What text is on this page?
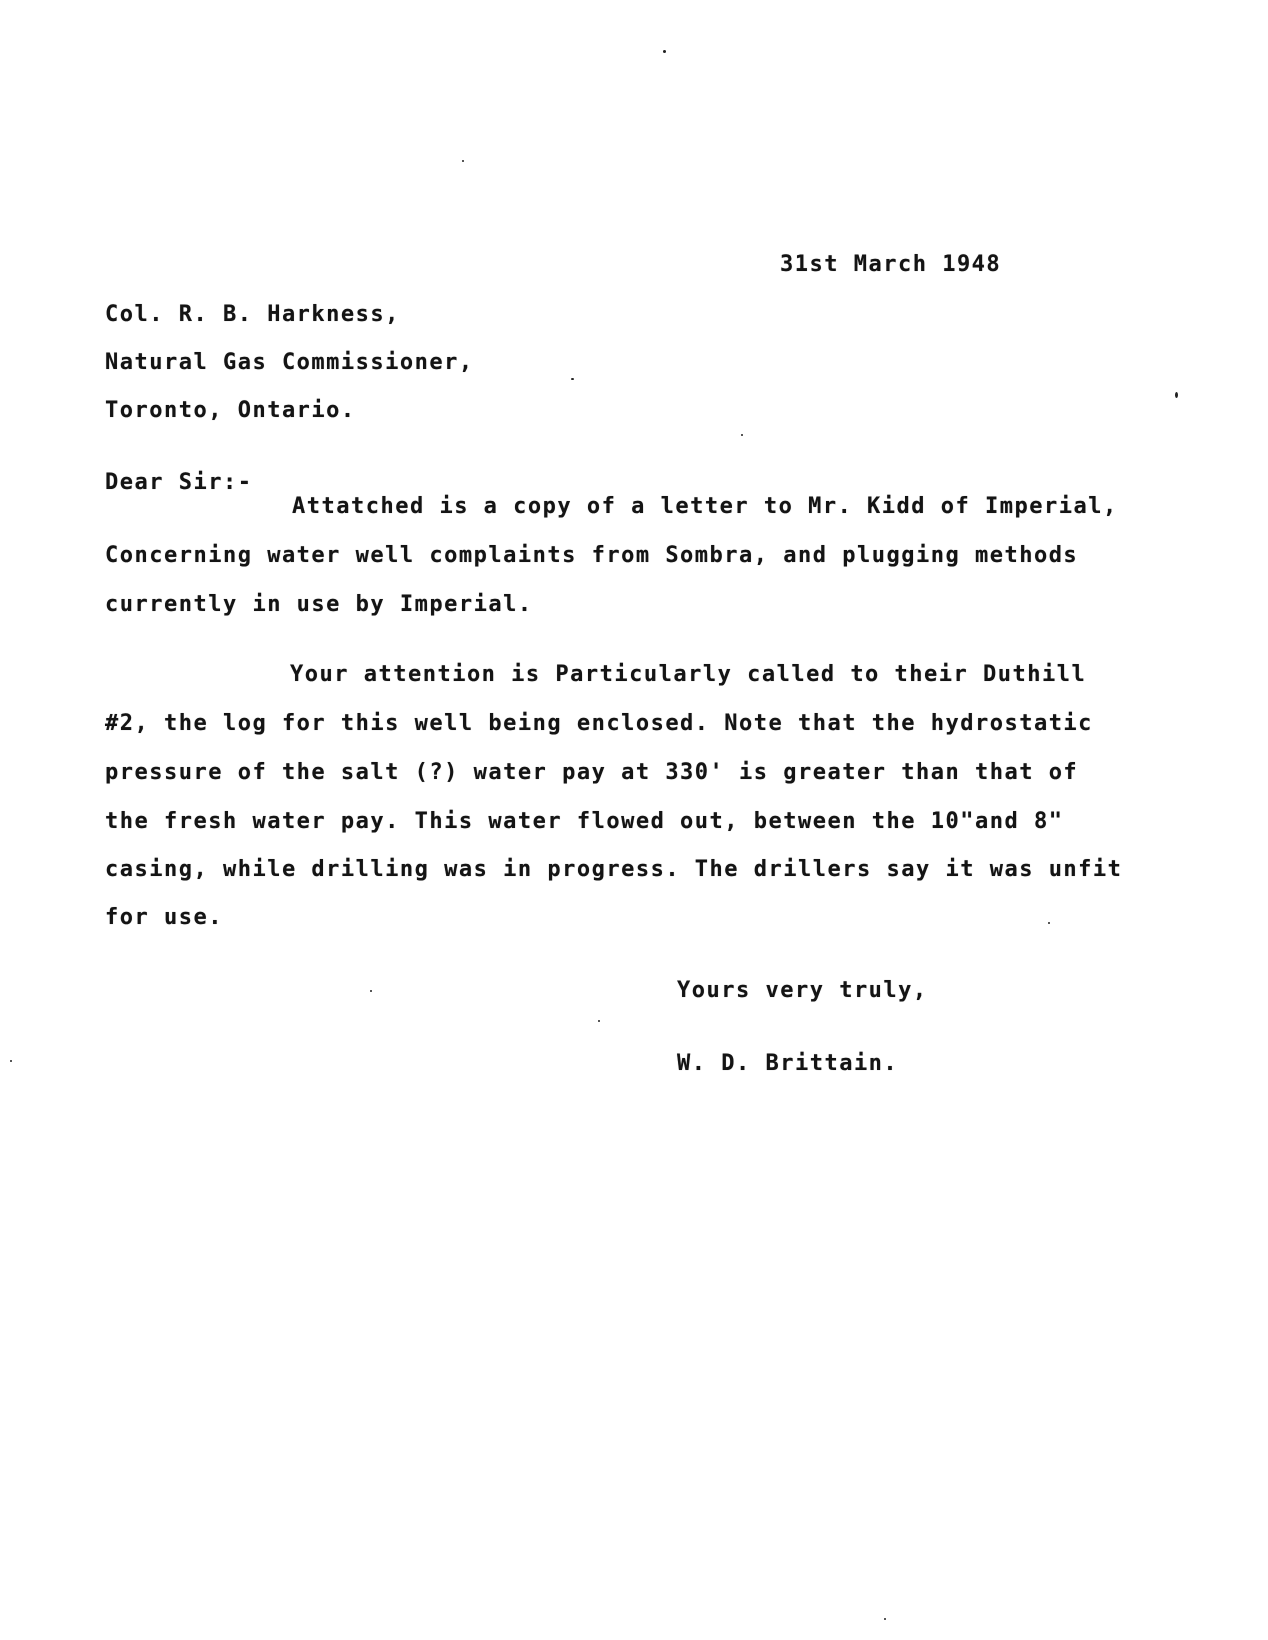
31st March 1948

Col. R. B. Harkness,

Natural Gas Commissioner,

Toronto, Ontario.

Dear Sir:-

Attatched is a copy of a letter to Mr. Kidd of Imperial,

Concerning water well complaints from Sombra, and plugging methods

currently in use by Imperial.

Your attention is Particularly called to their Duthill

#2, the log for this well being enclosed. Note that the hydrostatic

pressure of the salt (?) water pay at 330' is greater than that of

the fresh water pay. This water flowed out, between the 10"and 8"

casing, while drilling was in progress. The drillers say it was unfit

for use.

Yours very truly,

W. D. Brittain.
